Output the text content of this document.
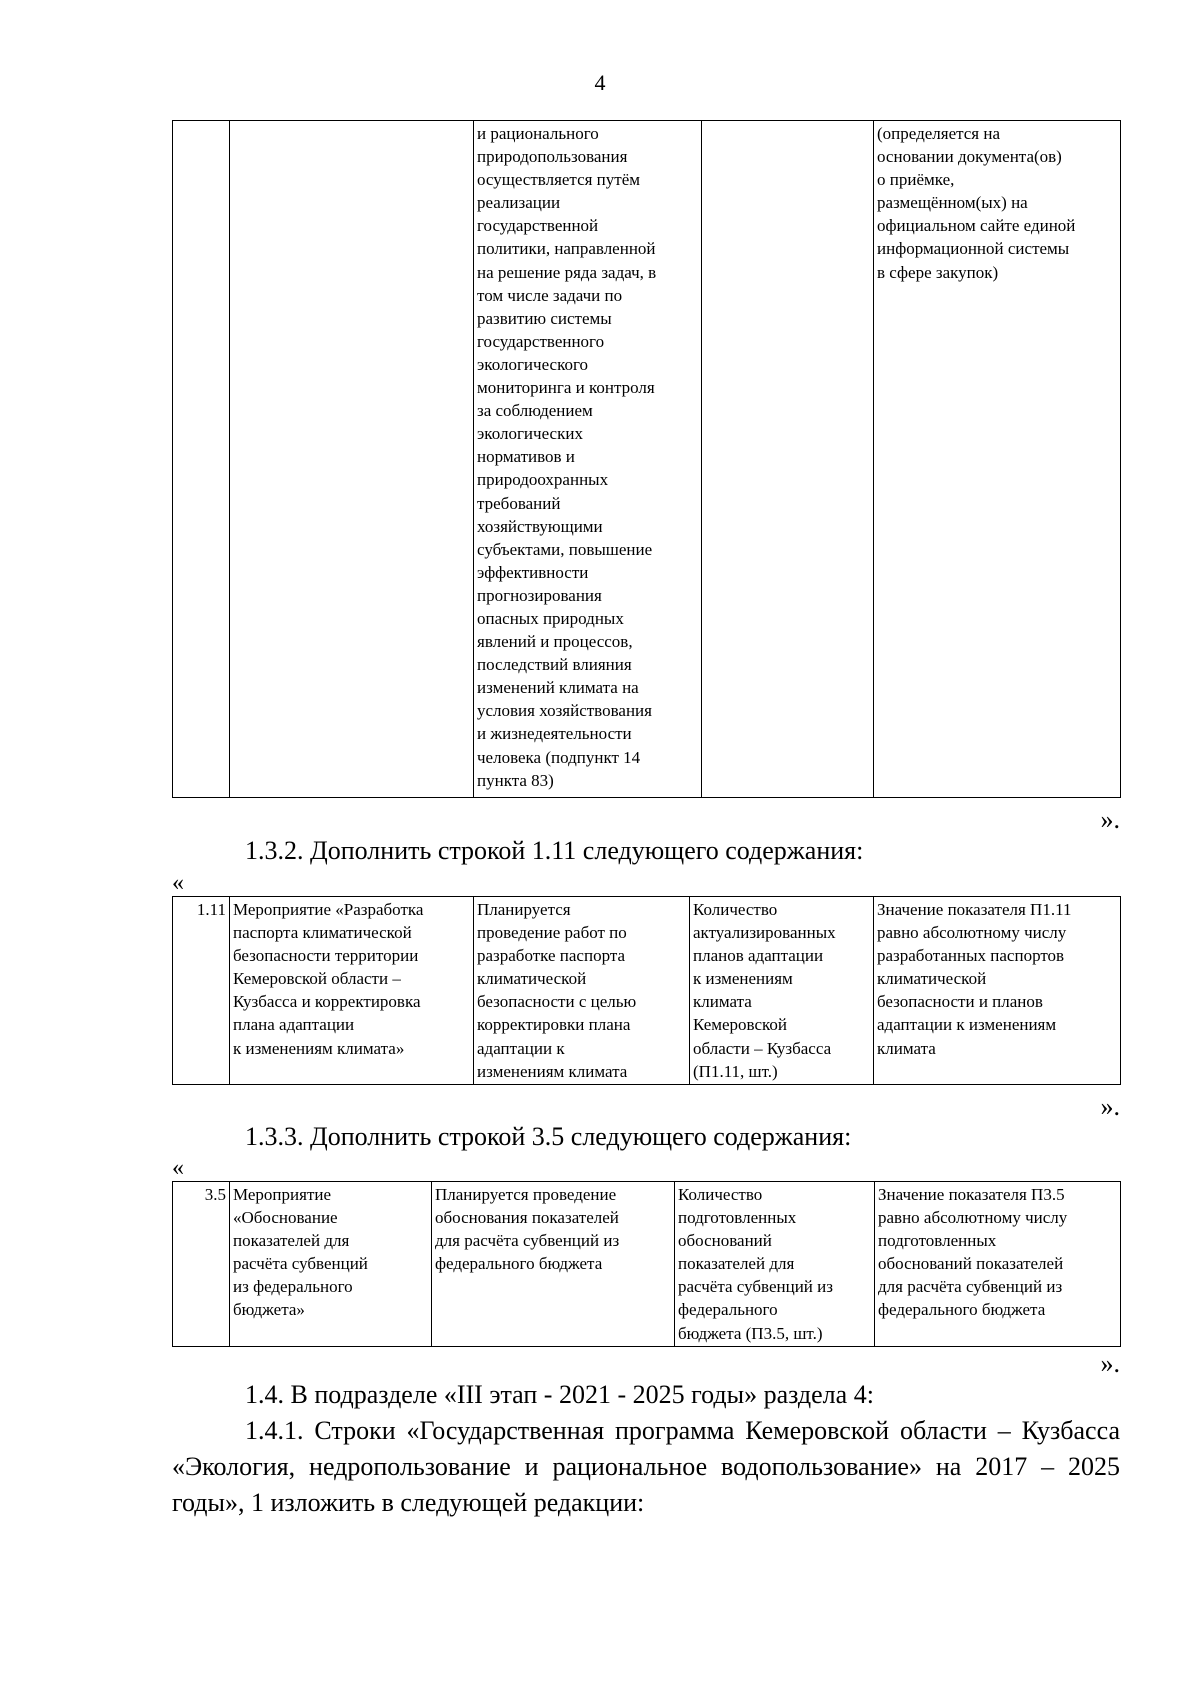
4
		и рационального
природопользования
осуществляется путём
реализации
государственной
политики, направленной
на решение ряда задач, в
том числе задачи по
развитию системы
государственного
экологического
мониторинга и контроля
за соблюдением
экологических
нормативов и
природоохранных
требований
хозяйствующими
субъектами, повышение
эффективности
прогнозирования
опасных природных
явлений и процессов,
последствий влияния
изменений климата на
условия хозяйствования
и жизнедеятельности
человека (подпункт 14
пункта 83)		(определяется на
основании документа(ов)
о приёмке,
размещённом(ых) на
официальном сайте единой
информационной системы
в сфере закупок)
».
1.3.2. Дополнить строкой 1.11 следующего содержания:
«
1.11	Мероприятие «Разработка
паспорта климатической
безопасности территории
Кемеровской области –
Кузбасса и корректировка
плана адаптации
к изменениям климата»	Планируется
проведение работ по
разработке паспорта
климатической
безопасности с целью
корректировки плана
адаптации к
изменениям климата	Количество
актуализированных
планов адаптации
к изменениям
климата
Кемеровской
области – Кузбасса
(П1.11, шт.)	Значение показателя П1.11
равно абсолютному числу
разработанных паспортов
климатической
безопасности и планов
адаптации к изменениям
климата
».
1.3.3. Дополнить строкой 3.5 следующего содержания:
«
3.5	Мероприятие
«Обоснование
показателей для
расчёта субвенций
из федерального
бюджета»	Планируется проведение
обоснования показателей
для расчёта субвенций из
федерального бюджета	Количество
подготовленных
обоснований
показателей для
расчёта субвенций из
федерального
бюджета (П3.5, шт.)	Значение показателя П3.5
равно абсолютному числу
подготовленных
обоснований показателей
для расчёта субвенций из
федерального бюджета
».
1.4. В подразделе «III этап - 2021 - 2025 годы» раздела 4:
1.4.1. Строки «Государственная программа Кемеровской области – Кузбасса «Экология, недропользование и рациональное водопользование» на 2017 – 2025 годы», 1 изложить в следующей редакции:
